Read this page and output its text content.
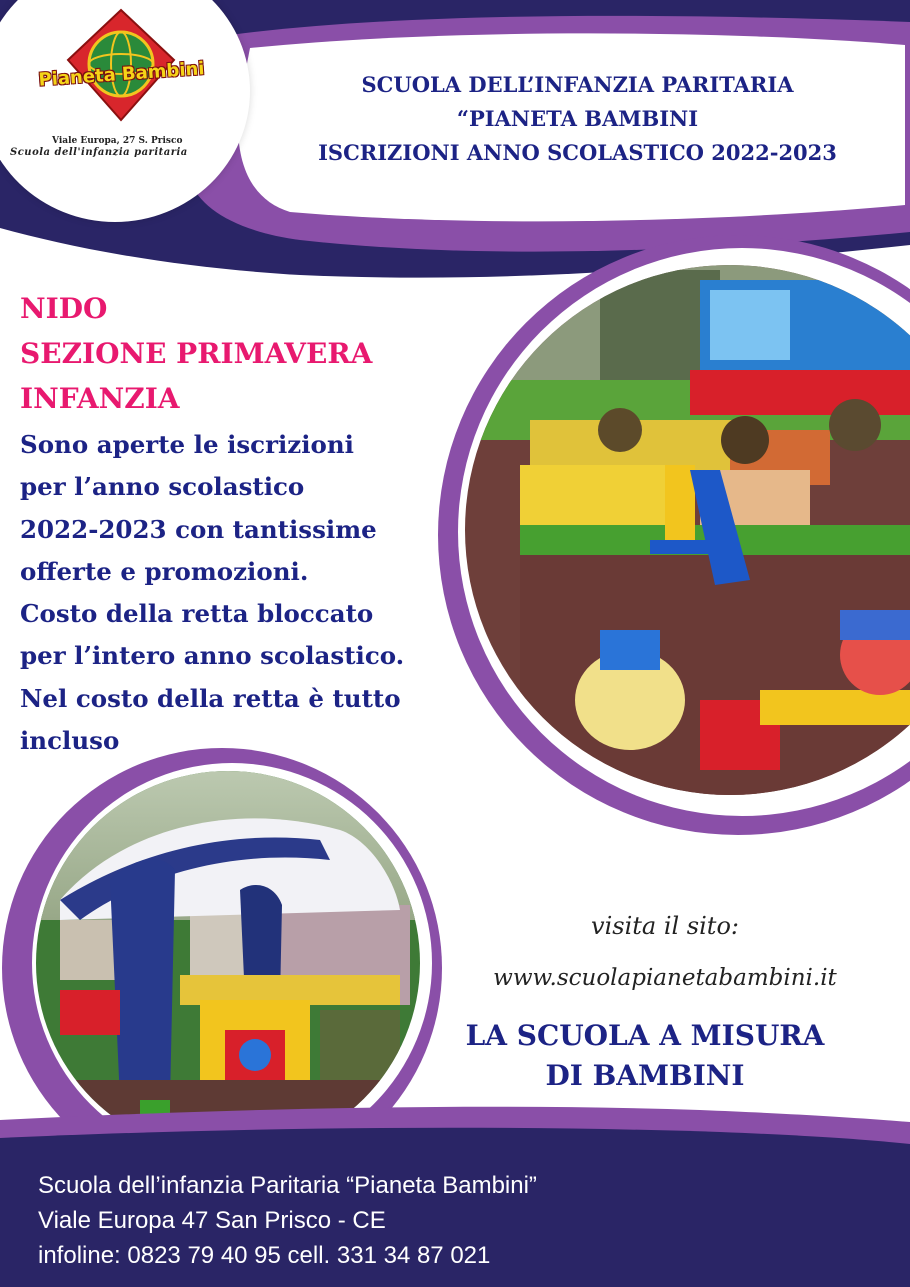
Pianeta Bambini
Viale Europa, 27 S. Prisco
Scuola dell'infanzia paritaria
SCUOLA DELL’INFANZIA PARITARIA
“PIANETA BAMBINI
ISCRIZIONI ANNO SCOLASTICO 2022-2023
NIDO
SEZIONE PRIMAVERA
INFANZIA
Sono aperte le iscrizioni
per l’anno scolastico
2022-2023 con tantissime
offerte e promozioni.
Costo della retta bloccato
per l’intero anno scolastico.
Nel costo della retta è tutto
incluso
visita il sito:
www.scuolapianetabambini.it
LA SCUOLA A MISURA
DI BAMBINI
Scuola dell’infanzia Paritaria “Pianeta Bambini”
Viale Europa 47 San Prisco - CE
infoline: 0823 79 40 95 cell. 331 34 87 021
